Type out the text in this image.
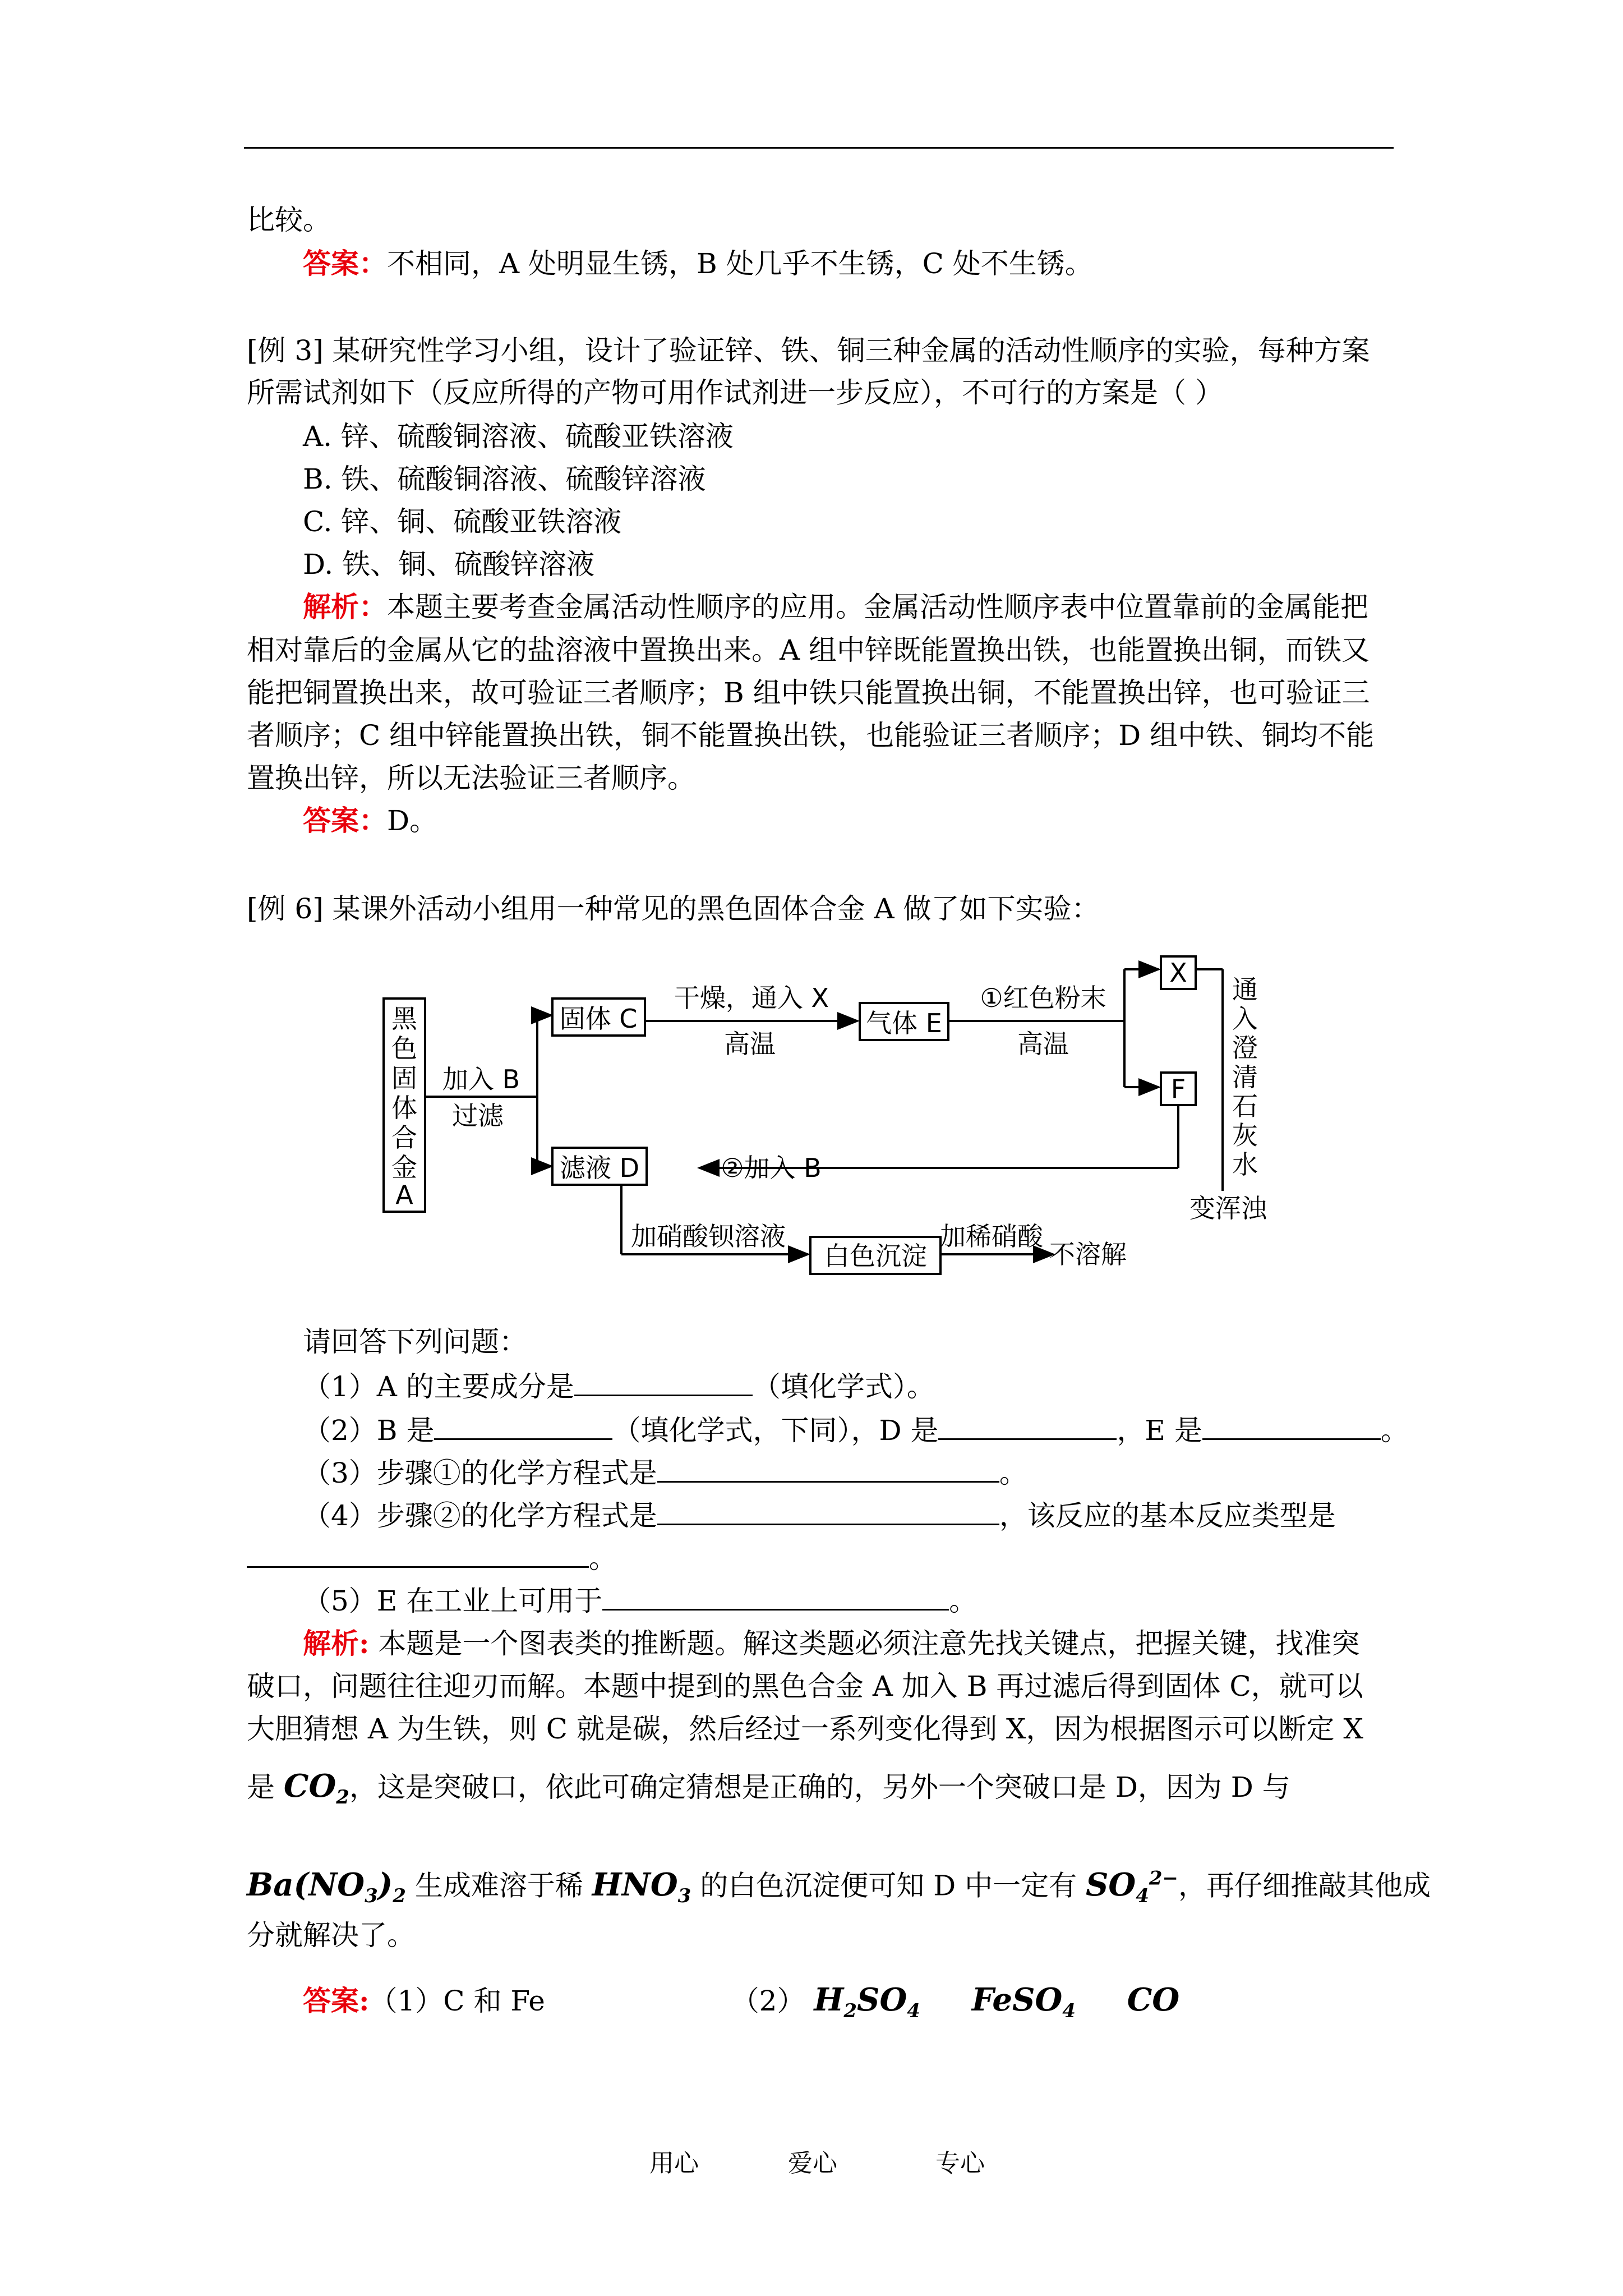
比较。
答案：不相同，A 处明显生锈，B 处几乎不生锈，C 处不生锈。
[例 3] 某研究性学习小组，设计了验证锌、铁、铜三种金属的活动性顺序的实验，每种方案
所需试剂如下（反应所得的产物可用作试剂进一步反应），不可行的方案是（ ）
A. 锌、硫酸铜溶液、硫酸亚铁溶液
B. 铁、硫酸铜溶液、硫酸锌溶液
C. 锌、铜、硫酸亚铁溶液
D. 铁、铜、硫酸锌溶液
解析：本题主要考查金属活动性顺序的应用。金属活动性顺序表中位置靠前的金属能把
相对靠后的金属从它的盐溶液中置换出来。A 组中锌既能置换出铁，也能置换出铜，而铁又
能把铜置换出来，故可验证三者顺序；B 组中铁只能置换出铜，不能置换出锌，也可验证三
者顺序；C 组中锌能置换出铁，铜不能置换出铁，也能验证三者顺序；D 组中铁、铜均不能
置换出锌，所以无法验证三者顺序。
答案：D。
[例 6] 某课外活动小组用一种常见的黑色固体合金 A 做了如下实验：
黑
色
固
体
合
金
A
加入 B
过滤
固体 C
干燥，通入 X
高温
气体 E
①红色粉末
高温
X
F
通
入
澄
清
石
灰
水
变浑浊
滤液 D	②加入 B
加硝酸钡溶液
白色沉淀
加稀硝酸
不溶解
请回答下列问题：
（1）A 的主要成分是	（填化学式）。
（2）B 是	（填化学式，下同），D 是	，E 是	。
（3）步骤①的化学方程式是	。
（4）步骤②的化学方程式是	，该反应的基本反应类型是
。
（5）E 在工业上可用于	。
解析: 本题是一个图表类的推断题。解这类题必须注意先找关键点，把握关键，找准突
破口，问题往往迎刃而解。本题中提到的黑色合金 A 加入 B 再过滤后得到固体 C，就可以
大胆猜想 A 为生铁，则 C 就是碳，然后经过一系列变化得到 X，因为根据图示可以断定 X
是 $CO_2$，这是突破口，依此可确定猜想是正确的，另外一个突破口是 D，因为 D 与
$Ba(NO_3)_2$ 生成难溶于稀 $HNO_3$ 的白色沉淀便可知 D 中一定有 $SO_4^{2-}$，再仔细推敲其他成
分就解决了。
答案:（1）C 和 Fe	（2） $H_2SO_4$ FeSO$_4$ CO
用心	爱心	专心
